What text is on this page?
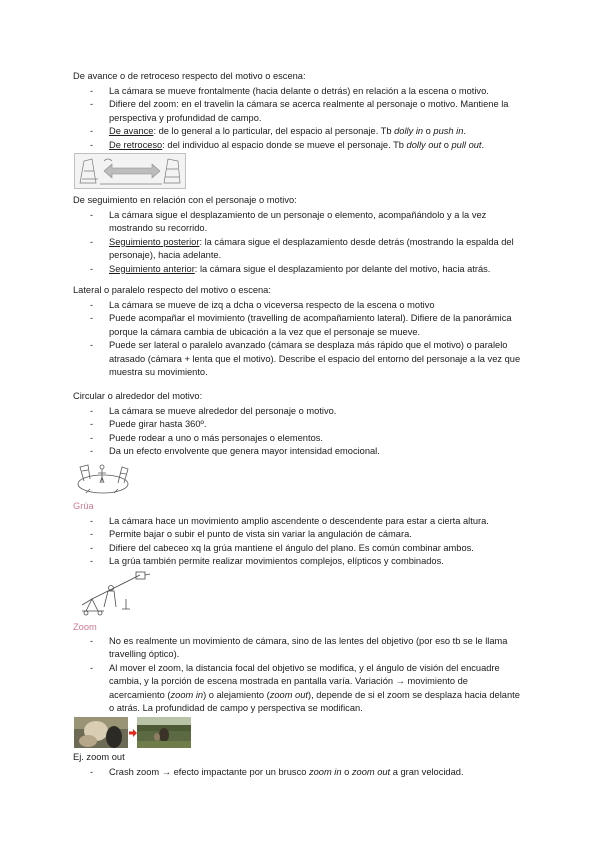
De avance o de retroceso respecto del motivo o escena:
- La cámara se mueve frontalmente (hacia delante o detrás) en relación a la escena o motivo.
- Difiere del zoom: en el travelin la cámara se acerca realmente al personaje o motivo. Mantiene la perspectiva y profundidad de campo.
- De avance: de lo general a lo particular, del espacio al personaje. Tb dolly in o push in.
- De retroceso: del individuo al espacio donde se mueve el personaje. Tb dolly out o pull out.
De seguimiento en relación con el personaje o motivo:
- La cámara sigue el desplazamiento de un personaje o elemento, acompañándolo y a la vez mostrando su recorrido.
- Seguimiento posterior: la cámara sigue el desplazamiento desde detrás (mostrando la espalda del personaje), hacia adelante.
- Seguimiento anterior: la cámara sigue el desplazamiento por delante del motivo, hacia atrás.
Lateral o paralelo respecto del motivo o escena:
- La cámara se mueve de izq a dcha o viceversa respecto de la escena o motivo
- Puede acompañar el movimiento (travelling de acompañamiento lateral). Difiere de la panorámica porque la cámara cambia de ubicación a la vez que el personaje se mueve.
- Puede ser lateral o paralelo avanzado (cámara se desplaza más rápido que el motivo) o paralelo atrasado (cámara + lenta que el motivo). Describe el espacio del entorno del personaje a la vez que muestra su movimiento.
Circular o alrededor del motivo:
- La cámara se mueve alrededor del personaje o motivo.
- Puede girar hasta 360º.
- Puede rodear a uno o más personajes o elementos.
- Da un efecto envolvente que genera mayor intensidad emocional.
Grúa
- La cámara hace un movimiento amplio ascendente o descendente para estar a cierta altura.
- Permite bajar o subir el punto de vista sin variar la angulación de cámara.
- Difiere del cabeceo xq la grúa mantiene el ángulo del plano. Es común combinar ambos.
- La grúa también permite realizar movimientos complejos, elípticos y combinados.
Zoom
- No es realmente un movimiento de cámara, sino de las lentes del objetivo (por eso tb se le llama travelling óptico).
- Al mover el zoom, la distancia focal del objetivo se modifica, y el ángulo de visión del encuadre cambia, y la porción de escena mostrada en pantalla varía. Variación → movimiento de acercamiento (zoom in) o alejamiento (zoom out), depende de si el zoom se desplaza hacia delante o atrás. La profundidad de campo y perspectiva se modifican.
Ej. zoom out
- Crash zoom → efecto impactante por un brusco zoom in o zoom out a gran velocidad.
